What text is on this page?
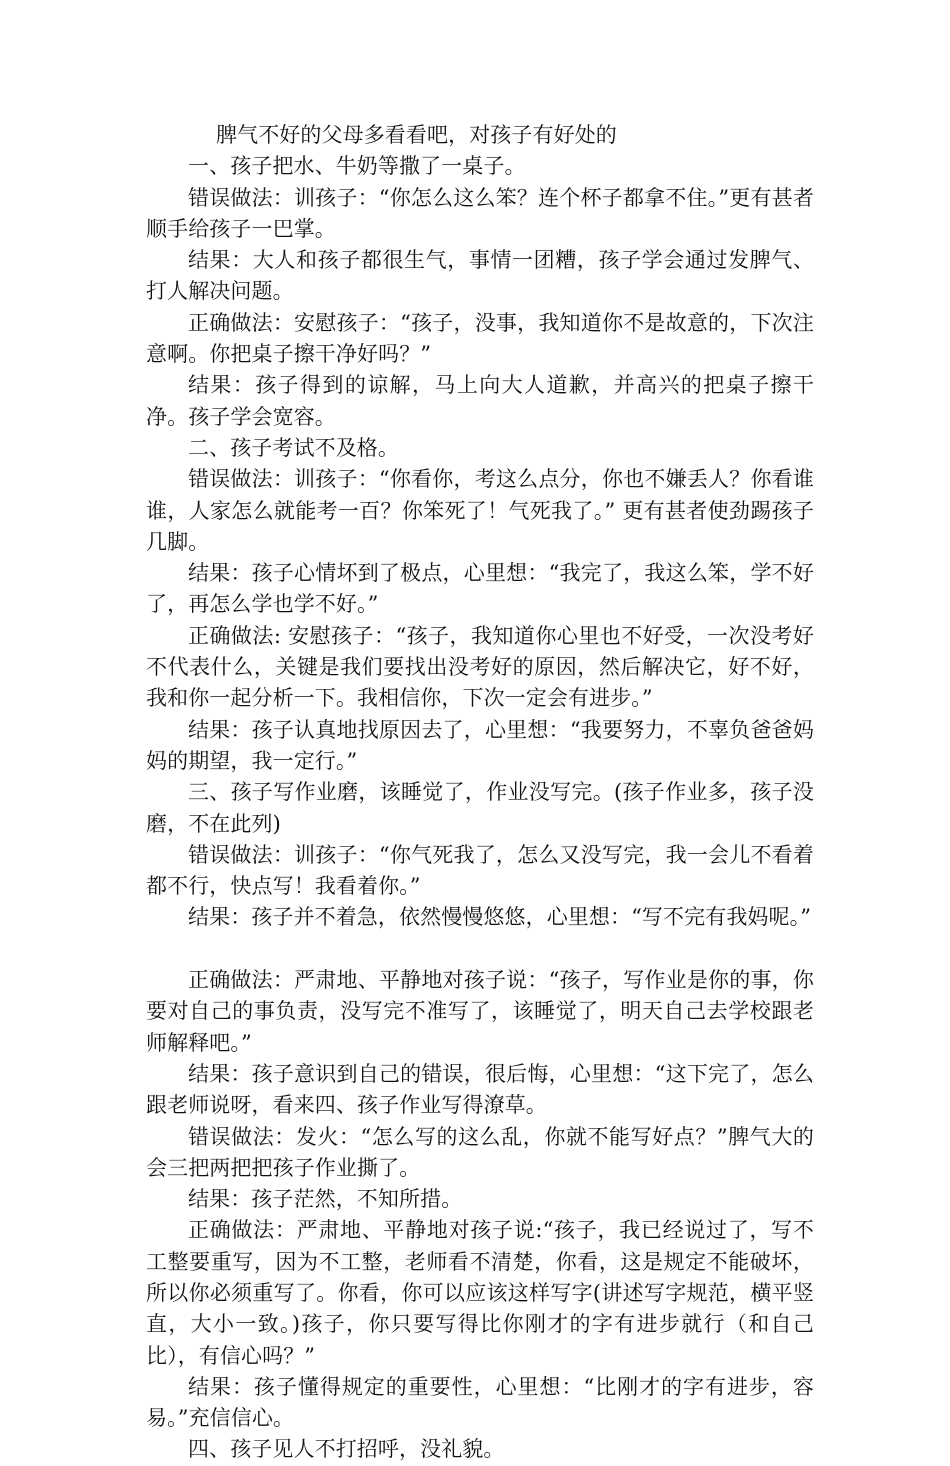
脾气不好的父母多看看吧，对孩子有好处的

一、孩子把水、牛奶等撒了一桌子。

错误做法：训孩子：“你怎么这么笨？连个杯子都拿不住。”更有甚者顺手给孩子一巴掌。

结果：大人和孩子都很生气，事情一团糟，孩子学会通过发脾气、打人解决问题。

正确做法：安慰孩子：“孩子，没事，我知道你不是故意的，下次注意啊。你把桌子擦干净好吗？”

结果：孩子得到的谅解，马上向大人道歉，并高兴的把桌子擦干净。孩子学会宽容。

二、孩子考试不及格。

错误做法：训孩子：“你看你，考这么点分，你也不嫌丢人？你看谁谁，人家怎么就能考一百？你笨死了！气死我了。” 更有甚者使劲踢孩子几脚。

结果：孩子心情坏到了极点，心里想：“我完了，我这么笨，学不好了，再怎么学也学不好。”

正确做法: 安慰孩子：“孩子，我知道你心里也不好受，一次没考好不代表什么，关键是我们要找出没考好的原因，然后解决它，好不好，我和你一起分析一下。我相信你，下次一定会有进步。”

结果：孩子认真地找原因去了，心里想：“我要努力，不辜负爸爸妈妈的期望，我一定行。”

三、孩子写作业磨，该睡觉了，作业没写完。(孩子作业多，孩子没磨，不在此列)

错误做法：训孩子：“你气死我了，怎么又没写完，我一会儿不看着都不行，快点写！我看着你。”

结果：孩子并不着急，依然慢慢悠悠，心里想：“写不完有我妈呢。”

正确做法：严肃地、平静地对孩子说：“孩子，写作业是你的事，你要对自己的事负责，没写完不准写了，该睡觉了，明天自己去学校跟老师解释吧。”

结果：孩子意识到自己的错误，很后悔，心里想：“这下完了，怎么跟老师说呀，看来四、孩子作业写得潦草。

错误做法：发火：“怎么写的这么乱，你就不能写好点？”脾气大的会三把两把把孩子作业撕了。

结果：孩子茫然，不知所措。

正确做法：严肃地、平静地对孩子说:“孩子，我已经说过了，写不工整要重写，因为不工整，老师看不清楚，你看，这是规定不能破坏，所以你必须重写了。你看，你可以应该这样写字(讲述写字规范，横平竖直，大小一致。)孩子，你只要写得比你刚才的字有进步就行（和自己比），有信心吗？”

结果：孩子懂得规定的重要性，心里想：“比刚才的字有进步，容易。”充信信心。

四、孩子见人不打招呼，没礼貌。
